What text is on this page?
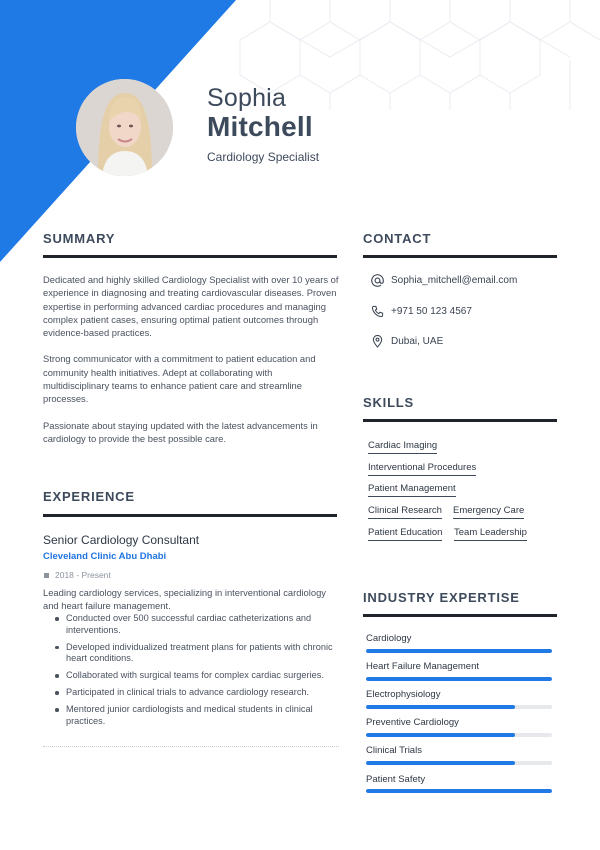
Sophia
Mitchell
Cardiology Specialist
SUMMARY

Dedicated and highly skilled Cardiology Specialist with over 10 years of experience in diagnosing and treating cardiovascular diseases. Proven expertise in performing advanced cardiac procedures and managing complex patient cases, ensuring optimal patient outcomes through evidence-based practices.

Strong communicator with a commitment to patient education and community health initiatives. Adept at collaborating with multidisciplinary teams to enhance patient care and streamline processes.

Passionate about staying updated with the latest advancements in cardiology to provide the best possible care.

EXPERIENCE
Senior Cardiology Consultant
Cleveland Clinic Abu Dhabi
2018 - Present
Leading cardiology services, specializing in interventional cardiology and heart failure management.
Conducted over 500 successful cardiac catheterizations and interventions.
Developed individualized treatment plans for patients with chronic heart conditions.
Collaborated with surgical teams for complex cardiac surgeries.
Participated in clinical trials to advance cardiology research.
Mentored junior cardiologists and medical students in clinical practices.
CONTACT
Sophia_mitchell@email.com
+971 50 123 4567
Dubai, UAE
SKILLS
Cardiac Imaging
Interventional Procedures
Patient Management
Clinical Research Emergency Care
Patient Education Team Leadership
INDUSTRY EXPERTISE
Cardiology
Heart Failure Management
Electrophysiology
Preventive Cardiology
Clinical Trials
Patient Safety
